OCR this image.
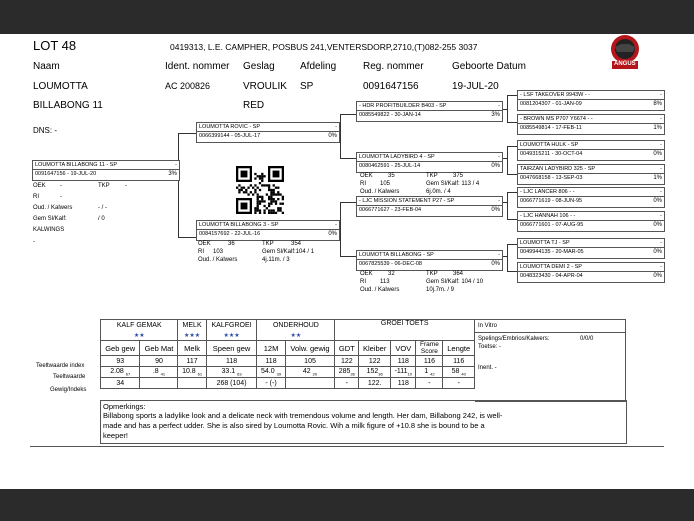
LOT 48	0419313, L.E. CAMPHER, POSBUS 241,VENTERSDORP,2710,(T)082-255 3037
ANGUS
Naam	Ident. nommer Geslag	Afdeling	Reg. nommer	Geboorte Datum
LOUMOTTA	AC 200826	VROULIK SP	0091647156	19-JUL-20
BILLABONG 11	RED
DNS: -
LOUMOTTA BILLABONG 11 - SP	-
0091647156 - 19-JUL-20	3%
OEK -	TKP	-
RI	-
Oud. / Kalwers	- / -
Gem Sl/Kalf:	/ 0
KALWINGS
-
LOUMOTTA ROVIC - SP	-
0066399144 - 05-JUL-17	0%
LOUMOTTA BILLABONG 3 - SP	-
0084157692 - 22-JUL-16	0%
OEK	36	TKP	354
RI 103	Gem Sl/Kalf:104 / 1
Oud. / Kalwers	4j.11m. / 3
- HDR PROFITBUILDER B403 - SP	-
0085549822 - 30-JAN-14	3%
LOUMOTTA LADYBIRD 4 - SP	-
0080462591 - 25-JUL-14	0%
OEK	35	TKP	375
RI 105	Gem Sl/Kalf: 113 / 4
Oud. / Kalwers	6j.0m. / 4
- LJC MISSION STATEMENT P27 - SP	-
0066771627 - 23-FEB-04	0%
LOUMOTTA BILLABONG - SP	-
0067825539 - 06-DEC-08	0%
OEK	32	TKP	364
RI 113	Gem Sl/Kalf: 104 / 10
Oud. / Kalwers	10j.7m. / 9
- LSF TAKEOVER 9943W - -	-
0081204307 - 01-JAN-09	8%
- BROWN MS P707 Y6674 - -	-
0085549814 - 17-FEB-11	1%
LOUMOTTA HULK - SP	-
0049315211 - 30-OCT-04	0%
TAIRZAN LADYBIRD 325 - SP	-
0047668158 - 13-SEP-03	1%
- LJC LANCER 806 - -	-
0066771619 - 08-JUN-95	0%
- LJC HANNAH 106 - -	-
0066771601 - 07-AUG-95	0%
LOUMOTTA TJ - SP	-
0049944135 - 20-MAR-05	0%
LOUMOTTA DEMI 2 - SP	-
0048323430 - 04-APR-04	0%
KALF GEMAK		MELK	KALFGROEI	ONDERHOUD		GROEI TOETS				
★★		★★★	★★★	★★						
Geb gew	Geb Mat	Melk	Speen gew	12M	Volw. gewig	GDT	Kleiber	VOV	Frame Score	Lengte
93	90	117	118	118	105	122	122	118	116	116
2.08 $_{67}$	.8 $_{41}$	10.8 $_{61}$	33.1 $_{63}$	54.0 $_{39}$	42 $_{20}$	$285_{36}$	$152_{36}$	$-111_{10}$	1 $_{42}$	58 $_{40}$
34			268 (104)	- (-)		-	122.	118	-	-
Teeltwaarde index
Teeltwaarde
Gewig/Indeks
In Vitro
Spelings/Embrios/Kalwers:	0/0/0
Toetse: -
Inent. -
Opmerkings:
Billabong sports a ladylike look and a delicate neck with tremendous volume and length. Her dam, Billabong 242, is well-
made and has a perfect udder. She is also sired by Loumotta Rovic. Wih a milk figure of +10.8 she is bound to be a
keeper!
